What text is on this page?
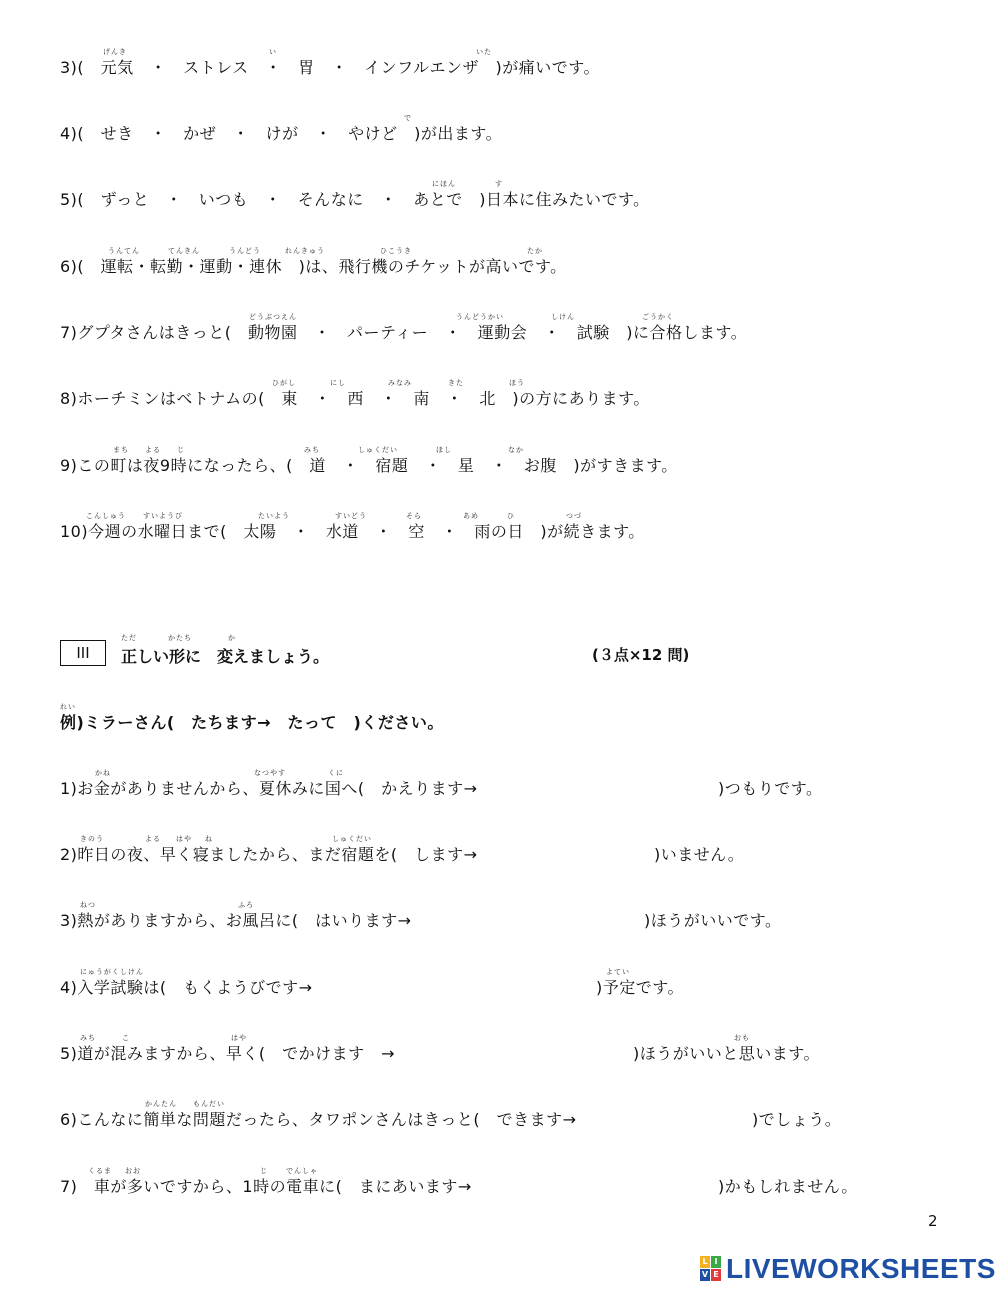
3)(　元気　・　ストレス　・　胃　・　インフルエンザ　)が痛いです。
4)(　せき　・　かぜ　・　けが　・　やけど　)が出ます。
5)(　ずっと　・　いつも　・　そんなに　・　あとで　)日本に住みたいです。
6)(　運転・転勤・運動・連休　)は、飛行機のチケットが高いです。
7)グプタさんはきっと(　動物園　・　パーティー　・　運動会　・　試験　)に合格します。
8)ホーチミンはベトナムの(　東　・　西　・　南　・　北　)の方にあります。
9)この町は夜9時になったら、(　道　・　宿題　・　星　・　お腹　)がすきます。
10)今週の水曜日まで(　太陽　・　水道　・　空　・　雨の日　)が続きます。
III	正しい形に　変えましょう。	(３点×12 問)
例)ミラーさん(　たちます→　たって　)ください。
1)お金がありませんから、夏休みに国へ(　かえります→	)つもりです。
2)昨日の夜、早く寝ましたから、まだ宿題を(　します→	)いません。
3)熱がありますから、お風呂に(　はいります→	)ほうがいいです。
4)入学試験は(　もくようびです→	)予定です。
5)道が混みますから、早く(　でかけます　→	)ほうがいいと思います。
6)こんなに簡単な問題だったら、タワポンさんはきっと(　できます→	)でしょう。
7)　車が多いですから、1時の電車に(　まにあいます→	)かもしれません。
げんき	い	いた
で
にほん	す
うんてん	てんきん	うんどう	れんきゅう	ひこうき	たか
どうぶつえん	うんどうかい	しけん	ごうかく
ひがし	にし	みなみ	きた	ほう
まち よる じ	みち	しゅくだい	ほし	なか
こんしゅう すいようび	たいよう	すいどう	そら	あめ	ひ	つづ
ただ	かたち	か
れい
かね	なつやす	くに
きのう	よる はや ね	しゅくだい
ねつ	ふろ
にゅうがくしけん	よてい
みち	こ	はや	おも
かんたん もんだい
くるま おお	じ	でんしゃ
2
L I
V E LIVEWORKSHEETS
